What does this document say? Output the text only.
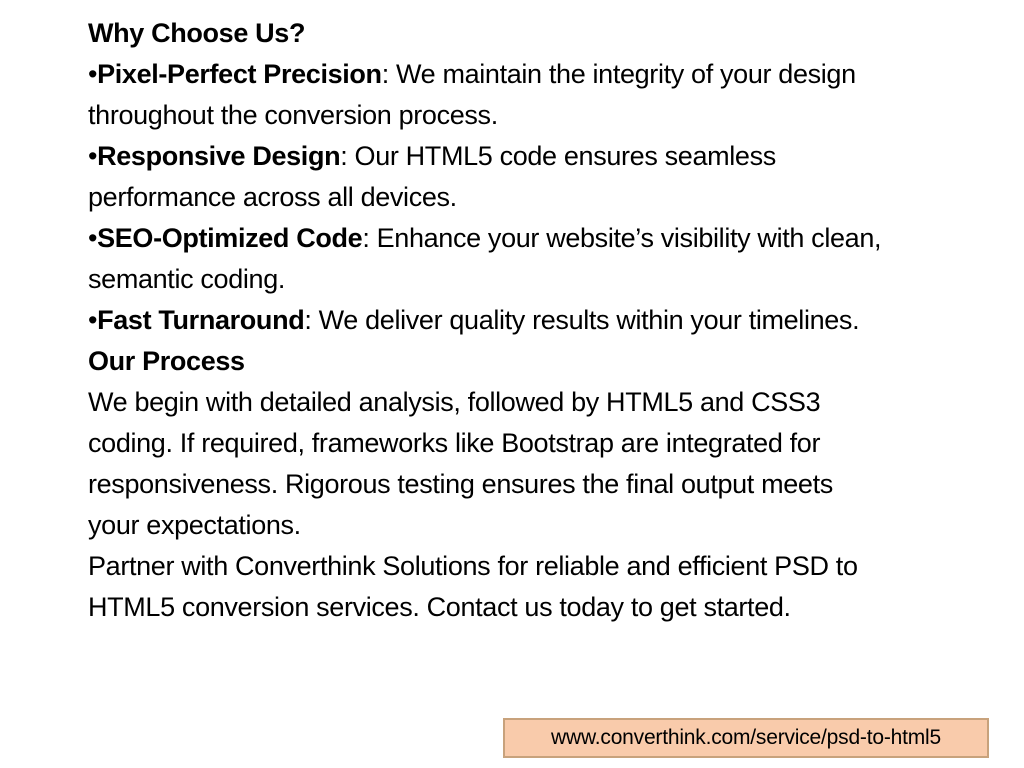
Why Choose Us?

•Pixel-Perfect Precision: We maintain the integrity of your design throughout the conversion process.

•Responsive Design: Our HTML5 code ensures seamless performance across all devices.

•SEO-Optimized Code: Enhance your website’s visibility with clean, semantic coding.

•Fast Turnaround: We deliver quality results within your timelines.

Our Process

We begin with detailed analysis, followed by HTML5 and CSS3 coding. If required, frameworks like Bootstrap are integrated for responsiveness. Rigorous testing ensures the final output meets your expectations.

Partner with Converthink Solutions for reliable and efficient PSD to HTML5 conversion services. Contact us today to get started.

www.converthink.com/service/psd-to-html5
